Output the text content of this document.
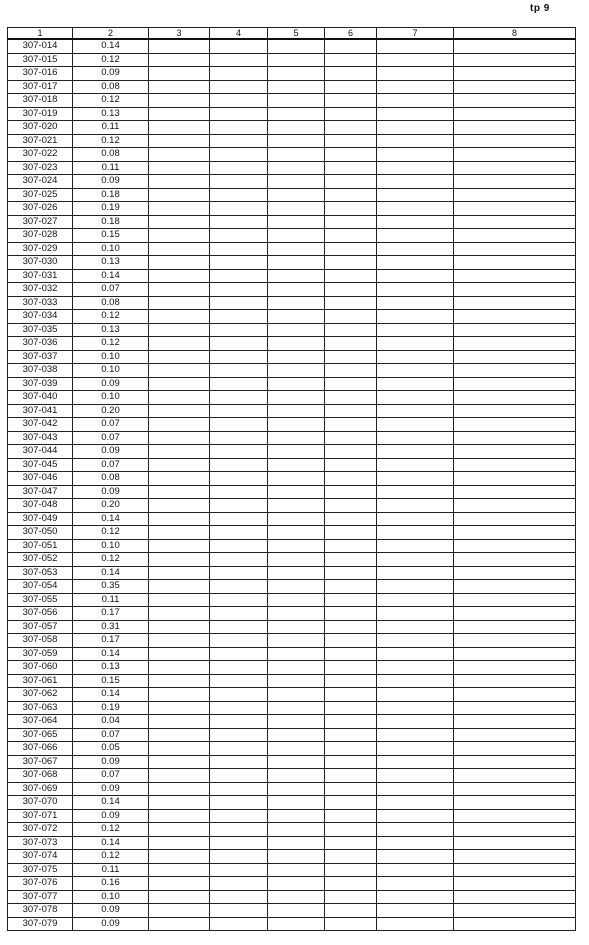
tp 9
1	2	3	4	5	6	7	8
307-014	0.14						
307-015	0.12						
307-016	0.09						
307-017	0.08						
307-018	0.12						
307-019	0.13						
307-020	0.11						
307-021	0.12						
307-022	0.08						
307-023	0.11						
307-024	0.09						
307-025	0.18						
307-026	0.19						
307-027	0.18						
307-028	0.15						
307-029	0.10						
307-030	0.13						
307-031	0.14						
307-032	0.07						
307-033	0.08						
307-034	0.12						
307-035	0.13						
307-036	0.12						
307-037	0.10						
307-038	0.10						
307-039	0.09						
307-040	0.10						
307-041	0.20						
307-042	0.07						
307-043	0.07						
307-044	0.09						
307-045	0.07						
307-046	0.08						
307-047	0.09						
307-048	0.20						
307-049	0.14						
307-050	0.12						
307-051	0.10						
307-052	0.12						
307-053	0.14						
307-054	0.35						
307-055	0.11						
307-056	0.17						
307-057	0.31						
307-058	0.17						
307-059	0.14						
307-060	0.13						
307-061	0.15						
307-062	0.14						
307-063	0.19						
307-064	0.04						
307-065	0.07						
307-066	0.05						
307-067	0.09						
307-068	0.07						
307-069	0.09						
307-070	0.14						
307-071	0.09						
307-072	0.12						
307-073	0.14						
307-074	0.12						
307-075	0.11						
307-076	0.16						
307-077	0.10						
307-078	0.09						
307-079	0.09						
